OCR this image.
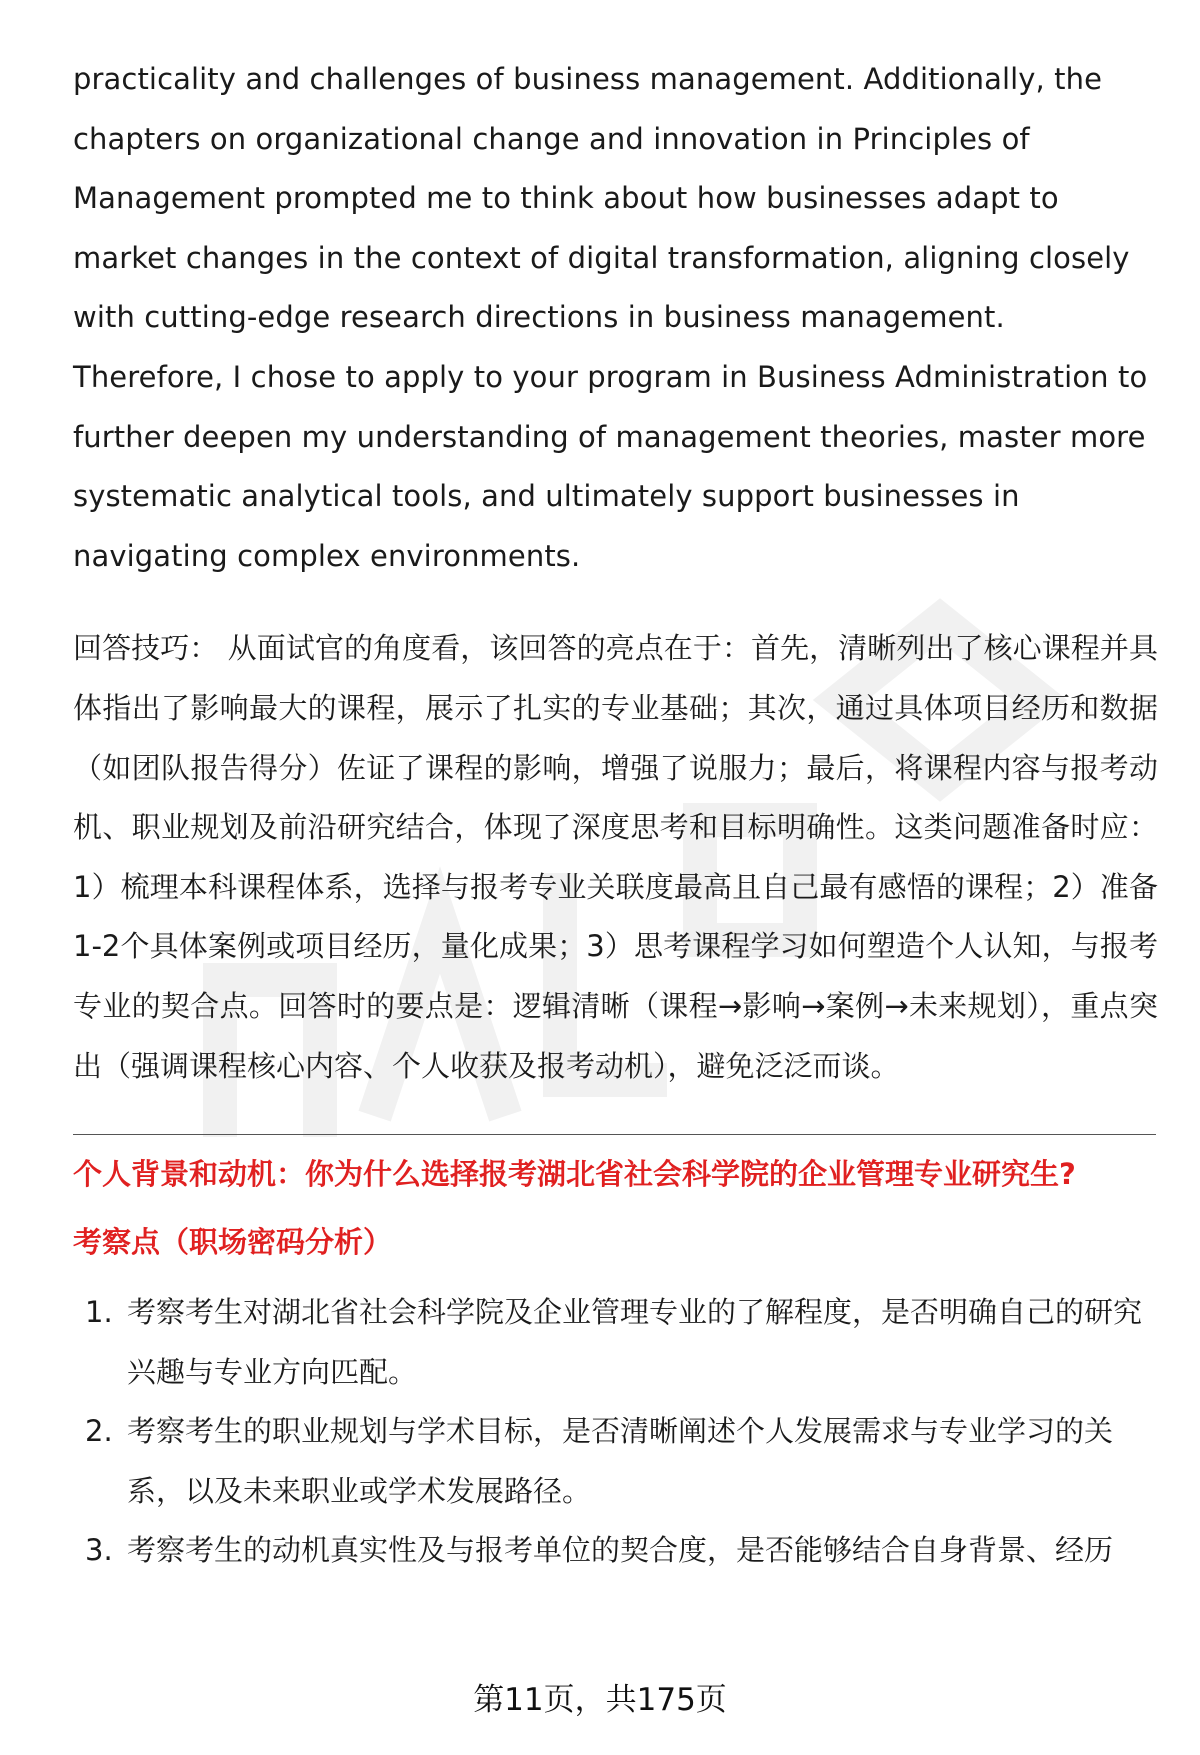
practicality and challenges of business management. Additionally, the chapters on organizational change and innovation in Principles of Management prompted me to think about how businesses adapt to market changes in the context of digital transformation, aligning closely with cutting-edge research directions in business management. Therefore, I chose to apply to your program in Business Administration to further deepen my understanding of management theories, master more systematic analytical tools, and ultimately support businesses in navigating complex environments.

回答技巧： 从面试官的角度看，该回答的亮点在于：首先，清晰列出了核心课程并具体指出了影响最大的课程，展示了扎实的专业基础；其次，通过具体项目经历和数据（如团队报告得分）佐证了课程的影响，增强了说服力；最后，将课程内容与报考动机、职业规划及前沿研究结合，体现了深度思考和目标明确性。这类问题准备时应：1）梳理本科课程体系，选择与报考专业关联度最高且自己最有感悟的课程；2）准备1-2个具体案例或项目经历，量化成果；3）思考课程学习如何塑造个人认知，与报考专业的契合点。回答时的要点是：逻辑清晰（课程→影响→案例→未来规划），重点突出（强调课程核心内容、个人收获及报考动机），避免泛泛而谈。

个人背景和动机：你为什么选择报考湖北省社会科学院的企业管理专业研究生?
考察点（职场密码分析）
1. 考察考生对湖北省社会科学院及企业管理专业的了解程度，是否明确自己的研究兴趣与专业方向匹配。
2. 考察考生的职业规划与学术目标，是否清晰阐述个人发展需求与专业学习的关系，以及未来职业或学术发展路径。
3. 考察考生的动机真实性及与报考单位的契合度，是否能够结合自身背景、经历
第11页，共175页
